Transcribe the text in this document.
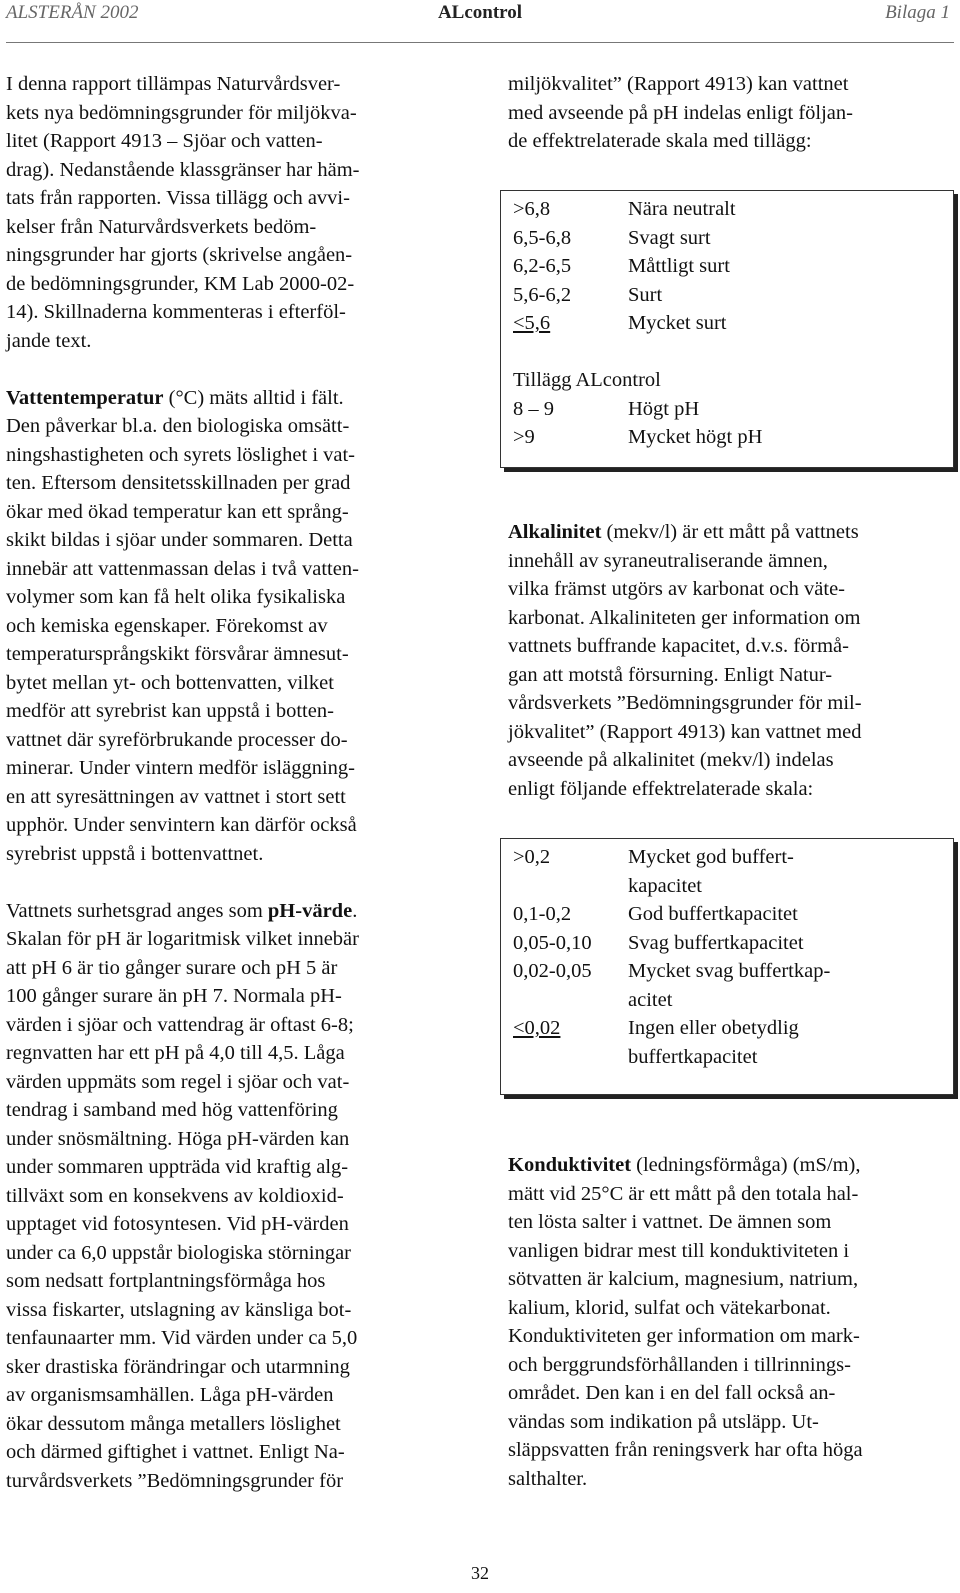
ALSTERÅN 2002	ALcontrol	Bilaga 1

I denna rapport tillämpas Naturvårdsver-
kets nya bedömningsgrunder för miljökva-
litet (Rapport 4913 – Sjöar och vatten-
drag). Nedanstående klassgränser har häm-
tats från rapporten. Vissa tillägg och avvi-
kelser från Naturvårdsverkets bedöm-
ningsgrunder har gjorts (skrivelse angåen-
de bedömningsgrunder, KM Lab 2000-02-
14). Skillnaderna kommenteras i efterföl-
jande text.

Vattentemperatur (°C) mäts alltid i fält.
Den påverkar bl.a. den biologiska omsätt-
ningshastigheten och syrets löslighet i vat-
ten. Eftersom densitetsskillnaden per grad
ökar med ökad temperatur kan ett språng-
skikt bildas i sjöar under sommaren. Detta
innebär att vattenmassan delas i två vatten-
volymer som kan få helt olika fysikaliska
och kemiska egenskaper. Förekomst av
temperatursprångskikt försvårar ämnesut-
bytet mellan yt- och bottenvatten, vilket
medför att syrebrist kan uppstå i botten-
vattnet där syreförbrukande processer do-
minerar. Under vintern medför isläggning-
en att syresättningen av vattnet i stort sett
upphör. Under senvintern kan därför också
syrebrist uppstå i bottenvattnet.

Vattnets surhetsgrad anges som pH-värde.
Skalan för pH är logaritmisk vilket innebär
att pH 6 är tio gånger surare och pH 5 är
100 gånger surare än pH 7. Normala pH-
värden i sjöar och vattendrag är oftast 6-8;
regnvatten har ett pH på 4,0 till 4,5. Låga
värden uppmäts som regel i sjöar och vat-
tendrag i samband med hög vattenföring
under snösmältning. Höga pH-värden kan
under sommaren uppträda vid kraftig alg-
tillväxt som en konsekvens av koldioxid-
upptaget vid fotosyntesen. Vid pH-värden
under ca 6,0 uppstår biologiska störningar
som nedsatt fortplantningsförmåga hos
vissa fiskarter, utslagning av känsliga bot-
tenfaunaarter mm. Vid värden under ca 5,0
sker drastiska förändringar och utarmning
av organismsamhällen. Låga pH-värden
ökar dessutom många metallers löslighet
och därmed giftighet i vattnet. Enligt Na-
turvårdsverkets ”Bedömningsgrunder för

miljökvalitet” (Rapport 4913) kan vattnet
med avseende på pH indelas enligt följan-
de effektrelaterade skala med tillägg:

>6,8	Nära neutralt
6,5-6,8	Svagt surt
6,2-6,5	Måttligt surt
5,6-6,2	Surt
<5,6	Mycket surt
Tillägg ALcontrol
8 – 9	Högt pH
>9	Mycket högt pH

Alkalinitet (mekv/l) är ett mått på vattnets
innehåll av syraneutraliserande ämnen,
vilka främst utgörs av karbonat och väte-
karbonat. Alkaliniteten ger information om
vattnets buffrande kapacitet, d.v.s. förmå-
gan att motstå försurning. Enligt Natur-
vårdsverkets ”Bedömningsgrunder för mil-
jökvalitet” (Rapport 4913) kan vattnet med
avseende på alkalinitet (mekv/l) indelas
enligt följande effektrelaterade skala:

>0,2	Mycket god buffert-
kapacitet
0,1-0,2	God buffertkapacitet
0,05-0,10 Svag buffertkapacitet
0,02-0,05 Mycket svag buffertkap-
acitet
<0,02	Ingen eller obetydlig
buffertkapacitet

Konduktivitet (ledningsförmåga) (mS/m),
mätt vid 25°C är ett mått på den totala hal-
ten lösta salter i vattnet. De ämnen som
vanligen bidrar mest till konduktiviteten i
sötvatten är kalcium, magnesium, natrium,
kalium, klorid, sulfat och vätekarbonat.
Konduktiviteten ger information om mark-
och berggrundsförhållanden i tillrinnings-
området. Den kan i en del fall också an-
vändas som indikation på utsläpp. Ut-
släppsvatten från reningsverk har ofta höga
salthalter.

32
